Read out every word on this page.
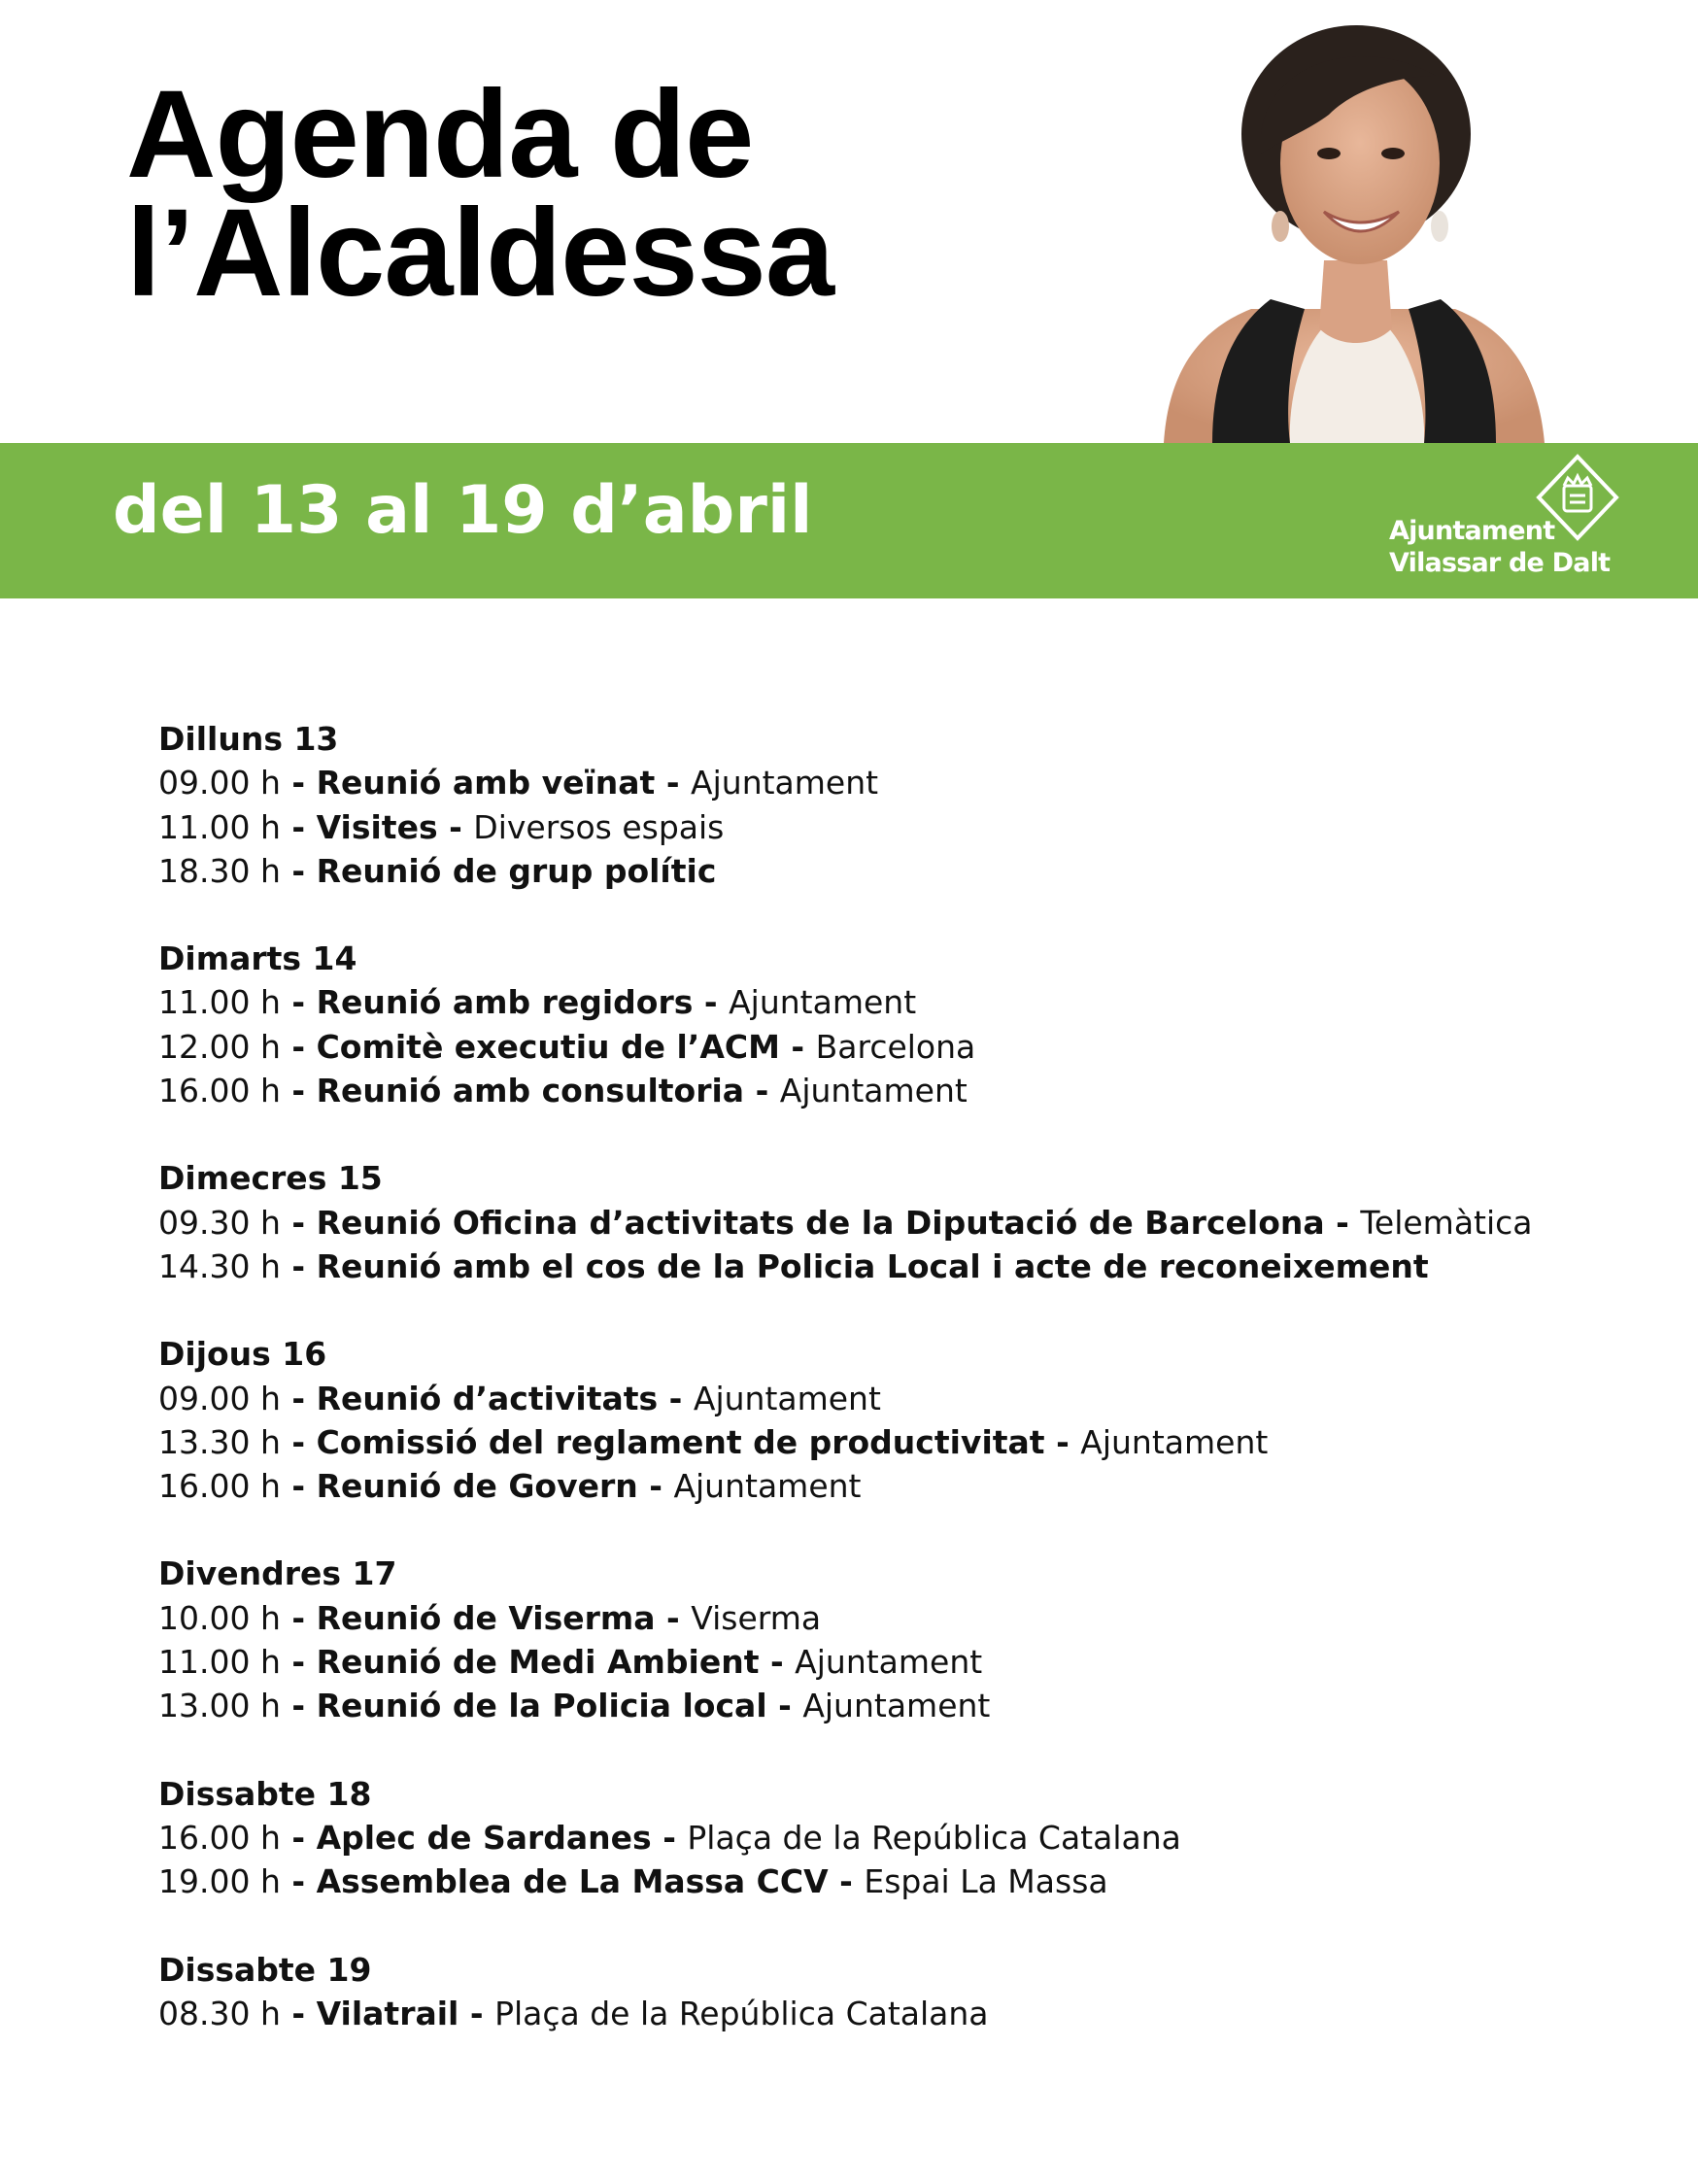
Agenda de
l’Alcaldessa
del 13 al 19 d’abril	Ajuntament
Vilassar de Dalt
Dilluns 13
09.00 h - Reunió amb veïnat - Ajuntament
11.00 h - Visites - Diversos espais
18.30 h - Reunió de grup polític
Dimarts 14
11.00 h - Reunió amb regidors - Ajuntament
12.00 h - Comitè executiu de l’ACM - Barcelona
16.00 h - Reunió amb consultoria - Ajuntament
Dimecres 15
09.30 h - Reunió Oficina d’activitats de la Diputació de Barcelona - Telemàtica
14.30 h - Reunió amb el cos de la Policia Local i acte de reconeixement
Dijous 16
09.00 h - Reunió d’activitats - Ajuntament
13.30 h - Comissió del reglament de productivitat - Ajuntament
16.00 h - Reunió de Govern - Ajuntament
Divendres 17
10.00 h - Reunió de Viserma - Viserma
11.00 h - Reunió de Medi Ambient - Ajuntament
13.00 h - Reunió de la Policia local - Ajuntament
Dissabte 18
16.00 h - Aplec de Sardanes - Plaça de la República Catalana
19.00 h - Assemblea de La Massa CCV - Espai La Massa
Dissabte 19
08.30 h - Vilatrail - Plaça de la República Catalana
